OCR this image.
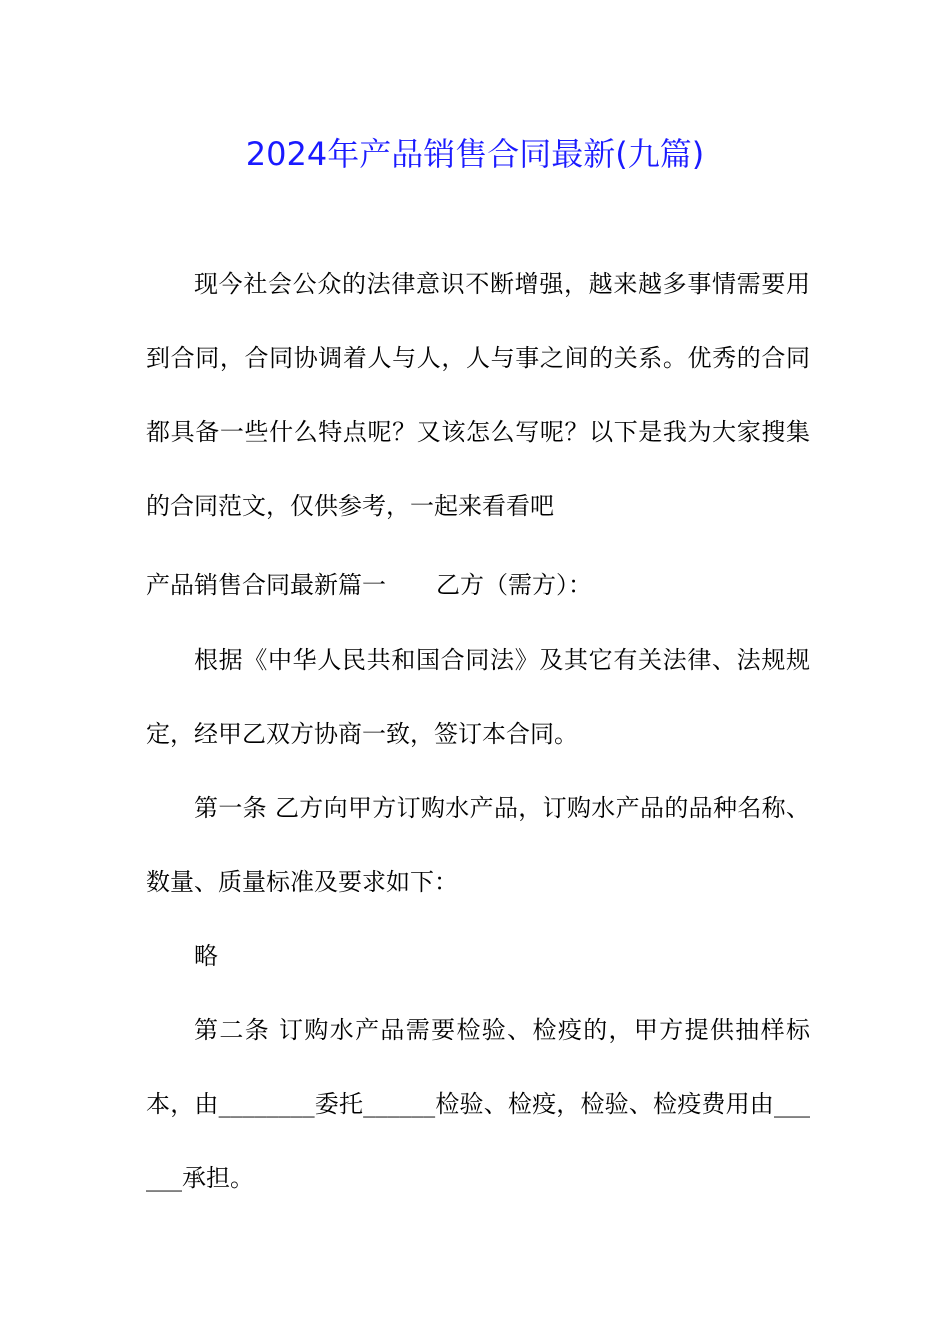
2024年产品销售合同最新(九篇)

现今社会公众的法律意识不断增强，越来越多事情需要用到合同，合同协调着人与人，人与事之间的关系。优秀的合同都具备一些什么特点呢？又该怎么写呢？以下是我为大家搜集的合同范文，仅供参考，一起来看看吧

产品销售合同最新篇一 乙方（需方）：

根据《中华人民共和国合同法》及其它有关法律、法规规定，经甲乙双方协商一致，签订本合同。

第一条 乙方向甲方订购水产品，订购水产品的品种名称、数量、质量标准及要求如下：

略

第二条 订购水产品需要检验、检疫的，甲方提供抽样标本，由________委托______检验、检疫，检验、检疫费用由______承担。
